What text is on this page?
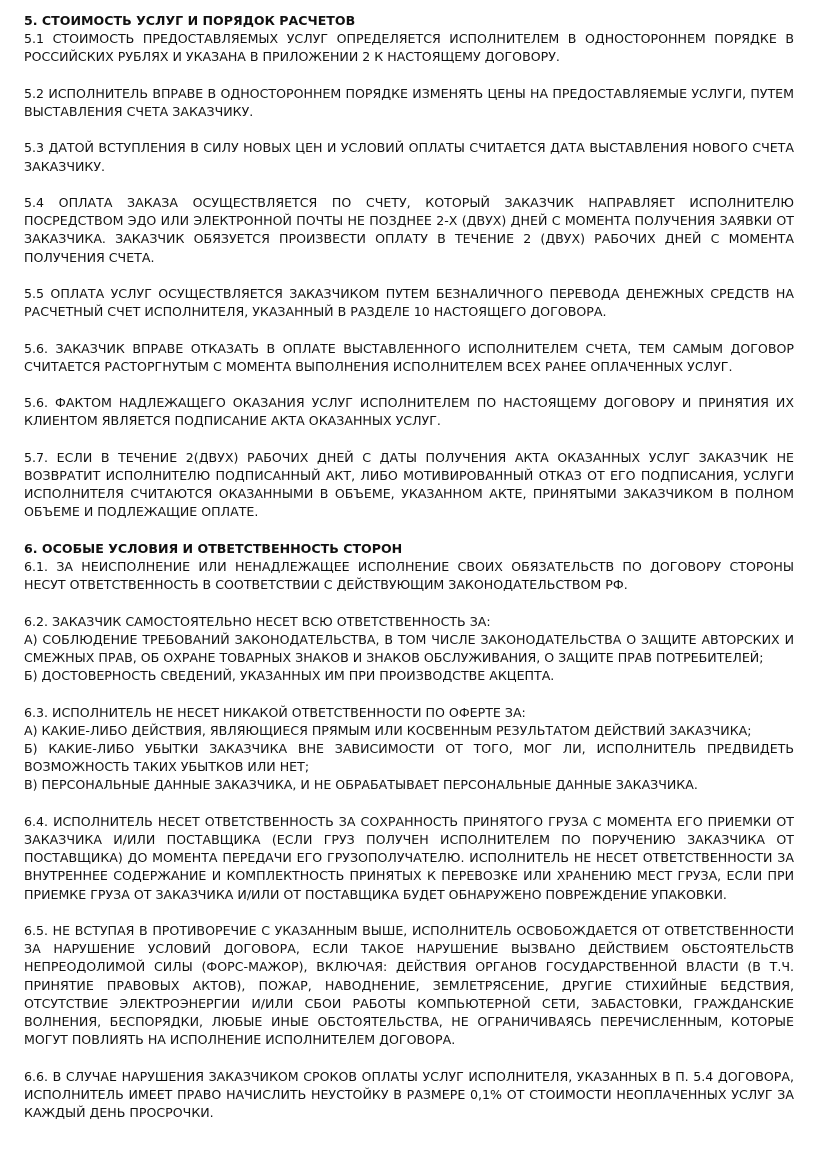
5. СТОИМОСТЬ УСЛУГ И ПОРЯДОК РАСЧЕТОВ

5.1 СТОИМОСТЬ ПРЕДОСТАВЛЯЕМЫХ УСЛУГ ОПРЕДЕЛЯЕТСЯ ИСПОЛНИТЕЛЕМ В ОДНОСТОРОННЕМ ПОРЯДКЕ В РОССИЙСКИХ РУБЛЯХ И УКАЗАНА В ПРИЛОЖЕНИИ 2 К НАСТОЯЩЕМУ ДОГОВОРУ.

5.2 ИСПОЛНИТЕЛЬ ВПРАВЕ В ОДНОСТОРОННЕМ ПОРЯДКЕ ИЗМЕНЯТЬ ЦЕНЫ НА ПРЕДОСТАВЛЯЕМЫЕ УСЛУГИ, ПУТЕМ ВЫСТАВЛЕНИЯ СЧЕТА ЗАКАЗЧИКУ.

5.3 ДАТОЙ ВСТУПЛЕНИЯ В СИЛУ НОВЫХ ЦЕН И УСЛОВИЙ ОПЛАТЫ СЧИТАЕТСЯ ДАТА ВЫСТАВЛЕНИЯ НОВОГО СЧЕТА ЗАКАЗЧИКУ.

5.4 ОПЛАТА ЗАКАЗА ОСУЩЕСТВЛЯЕТСЯ ПО СЧЕТУ, КОТОРЫЙ ЗАКАЗЧИК НАПРАВЛЯЕТ ИСПОЛНИТЕЛЮ ПОСРЕДСТВОМ ЭДО ИЛИ ЭЛЕКТРОННОЙ ПОЧТЫ НЕ ПОЗДНЕЕ 2-Х (ДВУХ) ДНЕЙ С МОМЕНТА ПОЛУЧЕНИЯ ЗАЯВКИ ОТ ЗАКАЗЧИКА. ЗАКАЗЧИК ОБЯЗУЕТСЯ ПРОИЗВЕСТИ ОПЛАТУ В ТЕЧЕНИЕ 2 (ДВУХ) РАБОЧИХ ДНЕЙ С МОМЕНТА ПОЛУЧЕНИЯ СЧЕТА.

5.5 ОПЛАТА УСЛУГ ОСУЩЕСТВЛЯЕТСЯ ЗАКАЗЧИКОМ ПУТЕМ БЕЗНАЛИЧНОГО ПЕРЕВОДА ДЕНЕЖНЫХ СРЕДСТВ НА РАСЧЕТНЫЙ СЧЕТ ИСПОЛНИТЕЛЯ, УКАЗАННЫЙ В РАЗДЕЛЕ 10 НАСТОЯЩЕГО ДОГОВОРА.

5.6. ЗАКАЗЧИК ВПРАВЕ ОТКАЗАТЬ В ОПЛАТЕ ВЫСТАВЛЕННОГО ИСПОЛНИТЕЛЕМ СЧЕТА, ТЕМ САМЫМ ДОГОВОР СЧИТАЕТСЯ РАСТОРГНУТЫМ С МОМЕНТА ВЫПОЛНЕНИЯ ИСПОЛНИТЕЛЕМ ВСЕХ РАНЕЕ ОПЛАЧЕННЫХ УСЛУГ.

5.6. ФАКТОМ НАДЛЕЖАЩЕГО ОКАЗАНИЯ УСЛУГ ИСПОЛНИТЕЛЕМ ПО НАСТОЯЩЕМУ ДОГОВОРУ И ПРИНЯТИЯ ИХ КЛИЕНТОМ ЯВЛЯЕТСЯ ПОДПИСАНИЕ АКТА ОКАЗАННЫХ УСЛУГ.

5.7. ЕСЛИ В ТЕЧЕНИЕ 2(ДВУХ) РАБОЧИХ ДНЕЙ С ДАТЫ ПОЛУЧЕНИЯ АКТА ОКАЗАННЫХ УСЛУГ ЗАКАЗЧИК НЕ ВОЗВРАТИТ ИСПОЛНИТЕЛЮ ПОДПИСАННЫЙ АКТ, ЛИБО МОТИВИРОВАННЫЙ ОТКАЗ ОТ ЕГО ПОДПИСАНИЯ, УСЛУГИ ИСПОЛНИТЕЛЯ СЧИТАЮТСЯ ОКАЗАННЫМИ В ОБЪЕМЕ, УКАЗАННОМ АКТЕ, ПРИНЯТЫМИ ЗАКАЗЧИКОМ В ПОЛНОМ ОБЪЕМЕ И ПОДЛЕЖАЩИЕ ОПЛАТЕ.

6. ОСОБЫЕ УСЛОВИЯ И ОТВЕТСТВЕННОСТЬ СТОРОН

6.1. ЗА НЕИСПОЛНЕНИЕ ИЛИ НЕНАДЛЕЖАЩЕЕ ИСПОЛНЕНИЕ СВОИХ ОБЯЗАТЕЛЬСТВ ПО ДОГОВОРУ СТОРОНЫ НЕСУТ ОТВЕТСТВЕННОСТЬ В СООТВЕТСТВИИ С ДЕЙСТВУЮЩИМ ЗАКОНОДАТЕЛЬСТВОМ РФ.

6.2. ЗАКАЗЧИК САМОСТОЯТЕЛЬНО НЕСЕТ ВСЮ ОТВЕТСТВЕННОСТЬ ЗА:
А) СОБЛЮДЕНИЕ ТРЕБОВАНИЙ ЗАКОНОДАТЕЛЬСТВА, В ТОМ ЧИСЛЕ ЗАКОНОДАТЕЛЬСТВА О ЗАЩИТЕ АВТОРСКИХ И СМЕЖНЫХ ПРАВ, ОБ ОХРАНЕ ТОВАРНЫХ ЗНАКОВ И ЗНАКОВ ОБСЛУЖИВАНИЯ, О ЗАЩИТЕ ПРАВ ПОТРЕБИТЕЛЕЙ;
Б) ДОСТОВЕРНОСТЬ СВЕДЕНИЙ, УКАЗАННЫХ ИМ ПРИ ПРОИЗВОДСТВЕ АКЦЕПТА.
6.3. ИСПОЛНИТЕЛЬ НЕ НЕСЕТ НИКАКОЙ ОТВЕТСТВЕННОСТИ ПО ОФЕРТЕ ЗА:
А) КАКИЕ-ЛИБО ДЕЙСТВИЯ, ЯВЛЯЮЩИЕСЯ ПРЯМЫМ ИЛИ КОСВЕННЫМ РЕЗУЛЬТАТОМ ДЕЙСТВИЙ ЗАКАЗЧИКА;
Б) КАКИЕ-ЛИБО УБЫТКИ ЗАКАЗЧИКА ВНЕ ЗАВИСИМОСТИ ОТ ТОГО, МОГ ЛИ, ИСПОЛНИТЕЛЬ ПРЕДВИДЕТЬ ВОЗМОЖНОСТЬ ТАКИХ УБЫТКОВ ИЛИ НЕТ;
В) ПЕРСОНАЛЬНЫЕ ДАННЫЕ ЗАКАЗЧИКА, И НЕ ОБРАБАТЫВАЕТ ПЕРСОНАЛЬНЫЕ ДАННЫЕ ЗАКАЗЧИКА.

6.4. ИСПОЛНИТЕЛЬ НЕСЕТ ОТВЕТСТВЕННОСТЬ ЗА СОХРАННОСТЬ ПРИНЯТОГО ГРУЗА С МОМЕНТА ЕГО ПРИЕМКИ ОТ ЗАКАЗЧИКА И/ИЛИ ПОСТАВЩИКА (ЕСЛИ ГРУЗ ПОЛУЧЕН ИСПОЛНИТЕЛЕМ ПО ПОРУЧЕНИЮ ЗАКАЗЧИКА ОТ ПОСТАВЩИКА) ДО МОМЕНТА ПЕРЕДАЧИ ЕГО ГРУЗОПОЛУЧАТЕЛЮ. ИСПОЛНИТЕЛЬ НЕ НЕСЕТ ОТВЕТСТВЕННОСТИ ЗА ВНУТРЕННЕЕ СОДЕРЖАНИЕ И КОМПЛЕКТНОСТЬ ПРИНЯТЫХ К ПЕРЕВОЗКЕ ИЛИ ХРАНЕНИЮ МЕСТ ГРУЗА, ЕСЛИ ПРИ ПРИЕМКЕ ГРУЗА ОТ ЗАКАЗЧИКА И/ИЛИ ОТ ПОСТАВЩИКА БУДЕТ ОБНАРУЖЕНО ПОВРЕЖДЕНИЕ УПАКОВКИ.

6.5. НЕ ВСТУПАЯ В ПРОТИВОРЕЧИЕ С УКАЗАННЫМ ВЫШЕ, ИСПОЛНИТЕЛЬ ОСВОБОЖДАЕТСЯ ОТ ОТВЕТСТВЕННОСТИ ЗА НАРУШЕНИЕ УСЛОВИЙ ДОГОВОРА, ЕСЛИ ТАКОЕ НАРУШЕНИЕ ВЫЗВАНО ДЕЙСТВИЕМ ОБСТОЯТЕЛЬСТВ НЕПРЕОДОЛИМОЙ СИЛЫ (ФОРС-МАЖОР), ВКЛЮЧАЯ: ДЕЙСТВИЯ ОРГАНОВ ГОСУДАРСТВЕННОЙ ВЛАСТИ (В Т.Ч. ПРИНЯТИЕ ПРАВОВЫХ АКТОВ), ПОЖАР, НАВОДНЕНИЕ, ЗЕМЛЕТРЯСЕНИЕ, ДРУГИЕ СТИХИЙНЫЕ БЕДСТВИЯ, ОТСУТСТВИЕ ЭЛЕКТРОЭНЕРГИИ И/ИЛИ СБОИ РАБОТЫ КОМПЬЮТЕРНОЙ СЕТИ, ЗАБАСТОВКИ, ГРАЖДАНСКИЕ ВОЛНЕНИЯ, БЕСПОРЯДКИ, ЛЮБЫЕ ИНЫЕ ОБСТОЯТЕЛЬСТВА, НЕ ОГРАНИЧИВАЯСЬ ПЕРЕЧИСЛЕННЫМ, КОТОРЫЕ МОГУТ ПОВЛИЯТЬ НА ИСПОЛНЕНИЕ ИСПОЛНИТЕЛЕМ ДОГОВОРА.

6.6. В СЛУЧАЕ НАРУШЕНИЯ ЗАКАЗЧИКОМ СРОКОВ ОПЛАТЫ УСЛУГ ИСПОЛНИТЕЛЯ, УКАЗАННЫХ В П. 5.4 ДОГОВОРА, ИСПОЛНИТЕЛЬ ИМЕЕТ ПРАВО НАЧИСЛИТЬ НЕУСТОЙКУ В РАЗМЕРЕ 0,1% ОТ СТОИМОСТИ НЕОПЛАЧЕННЫХ УСЛУГ ЗА КАЖДЫЙ ДЕНЬ ПРОСРОЧКИ.
